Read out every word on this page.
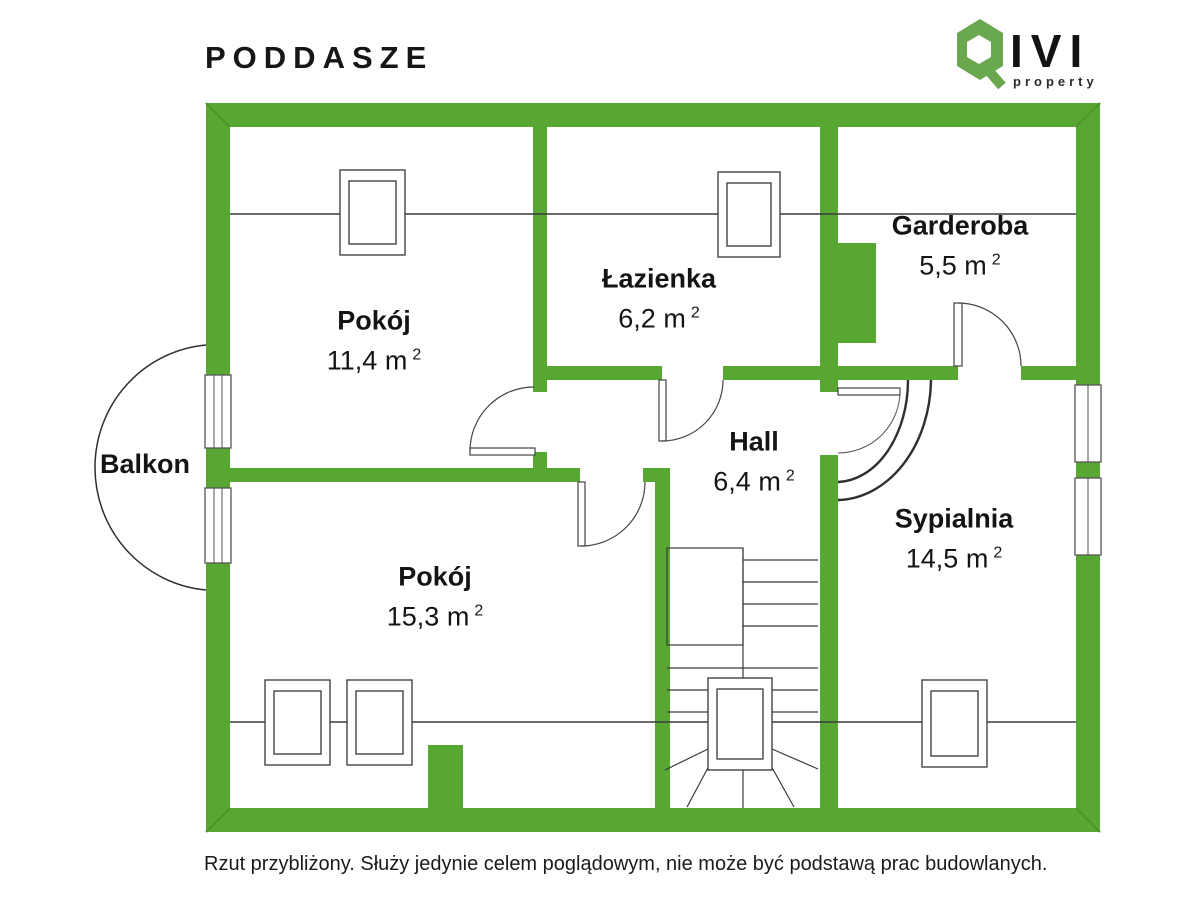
PODDASZE	IVI
property
Pokój
11,4 m $^2$
Łazienka
6,2 m $^2$
Garderoba
5,5 m $^2$
Hall
6,4 m $^2$
Sypialnia
14,5 m $^2$
Pokój
15,3 m $^2$
Balkon
Rzut przybliżony. Służy jedynie celem poglądowym, nie może być podstawą prac budowlanych.
